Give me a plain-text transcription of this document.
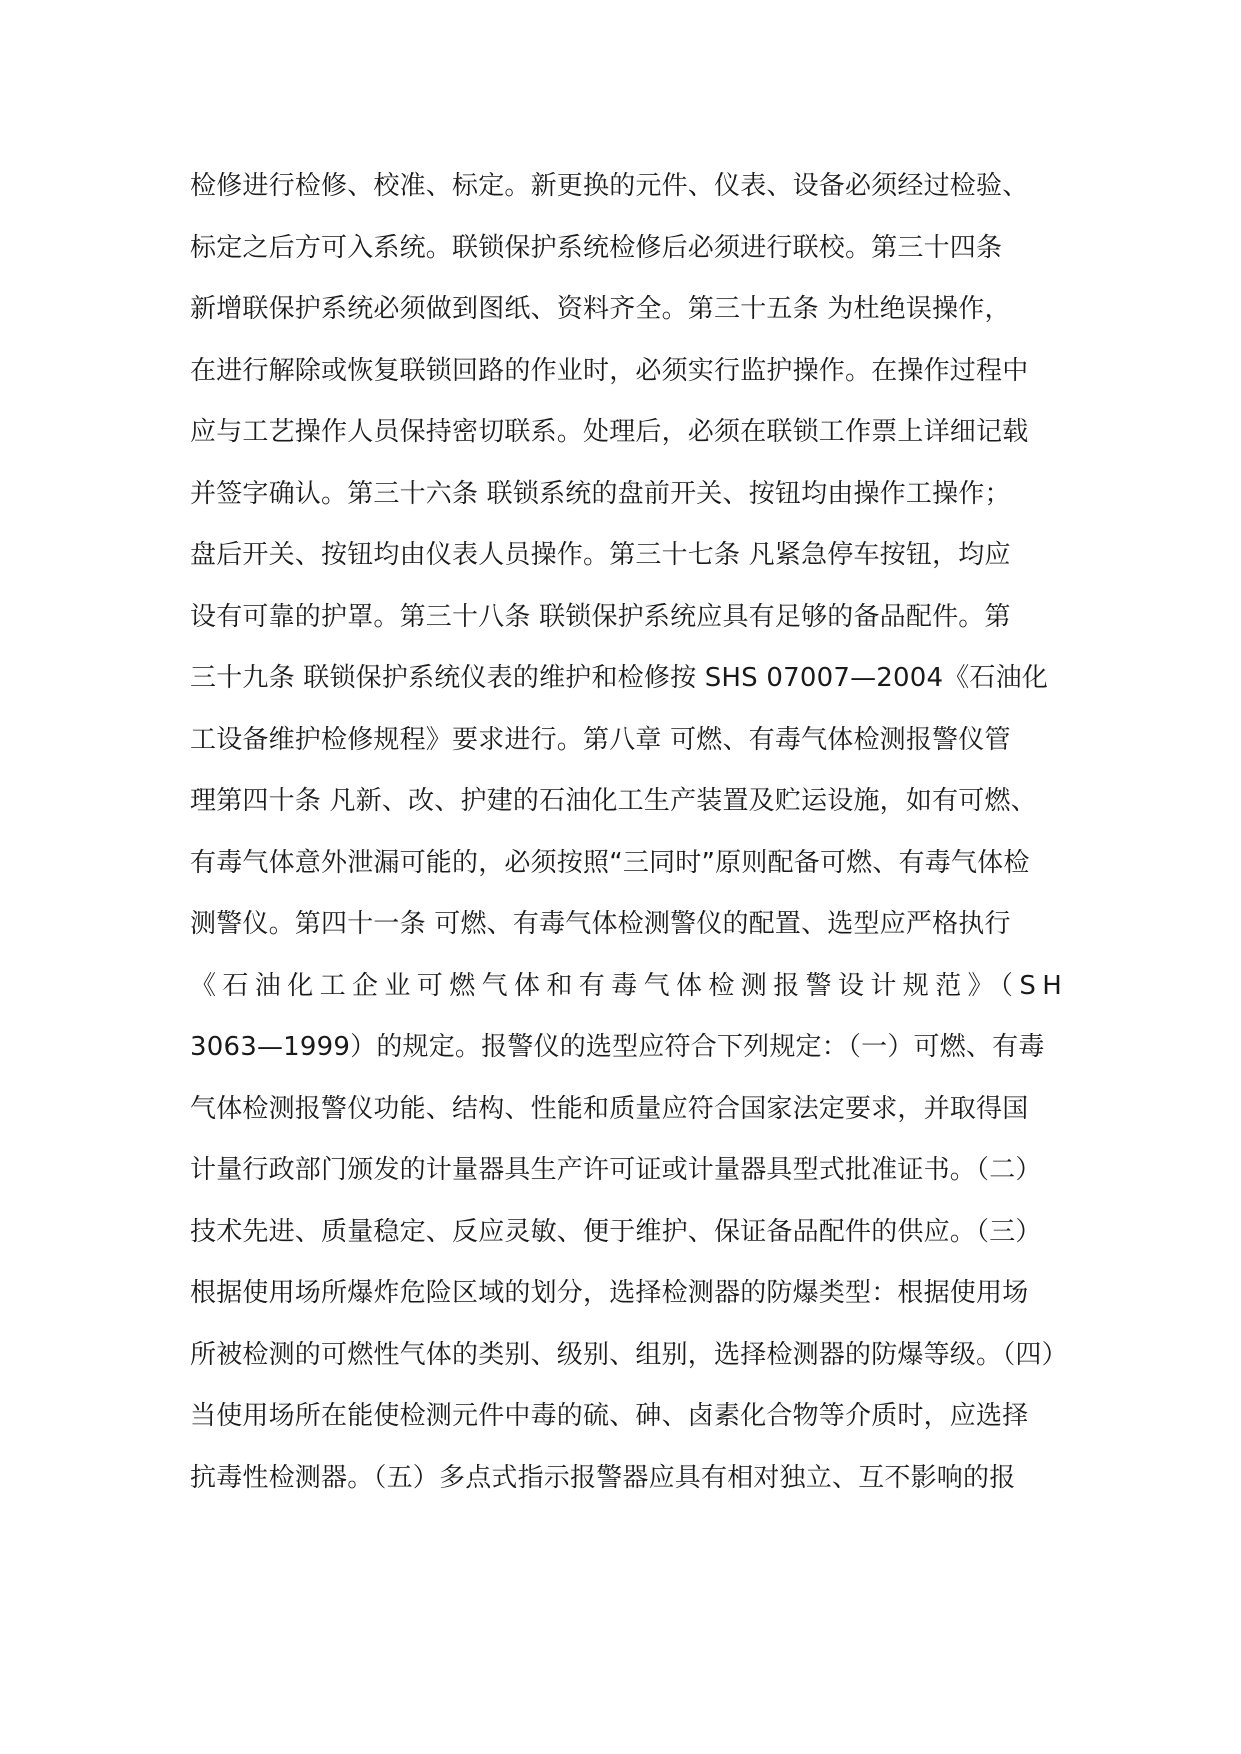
检修进行检修、校准、标定。新更换的元件、仪表、设备必须经过检验、
标定之后方可入系统。联锁保护系统检修后必须进行联校。第三十四条
新增联保护系统必须做到图纸、资料齐全。第三十五条 为杜绝误操作，
在进行解除或恢复联锁回路的作业时，必须实行监护操作。在操作过程中
应与工艺操作人员保持密切联系。处理后，必须在联锁工作票上详细记载
并签字确认。第三十六条 联锁系统的盘前开关、按钮均由操作工操作；
盘后开关、按钮均由仪表人员操作。第三十七条 凡紧急停车按钮，均应
设有可靠的护罩。第三十八条 联锁保护系统应具有足够的备品配件。第
三十九条 联锁保护系统仪表的维护和检修按 SHS 07007—2004《石油化
工设备维护检修规程》要求进行。第八章 可燃、有毒气体检测报警仪管
理第四十条 凡新、改、护建的石油化工生产装置及贮运设施，如有可燃、
有毒气体意外泄漏可能的，必须按照“三同时”原则配备可燃、有毒气体检
测警仪。第四十一条 可燃、有毒气体检测警仪的配置、选型应严格执行
《石油化工企业可燃气体和有毒气体检测报警设计规范》（SH
3063—1999）的规定。报警仪的选型应符合下列规定：（一）可燃、有毒
气体检测报警仪功能、结构、性能和质量应符合国家法定要求，并取得国
计量行政部门颁发的计量器具生产许可证或计量器具型式批准证书。（二）
技术先进、质量稳定、反应灵敏、便于维护、保证备品配件的供应。（三）
根据使用场所爆炸危险区域的划分，选择检测器的防爆类型：根据使用场
所被检测的可燃性气体的类别、级别、组别，选择检测器的防爆等级。（四）
当使用场所在能使检测元件中毒的硫、砷、卤素化合物等介质时，应选择
抗毒性检测器。（五）多点式指示报警器应具有相对独立、互不影响的报
